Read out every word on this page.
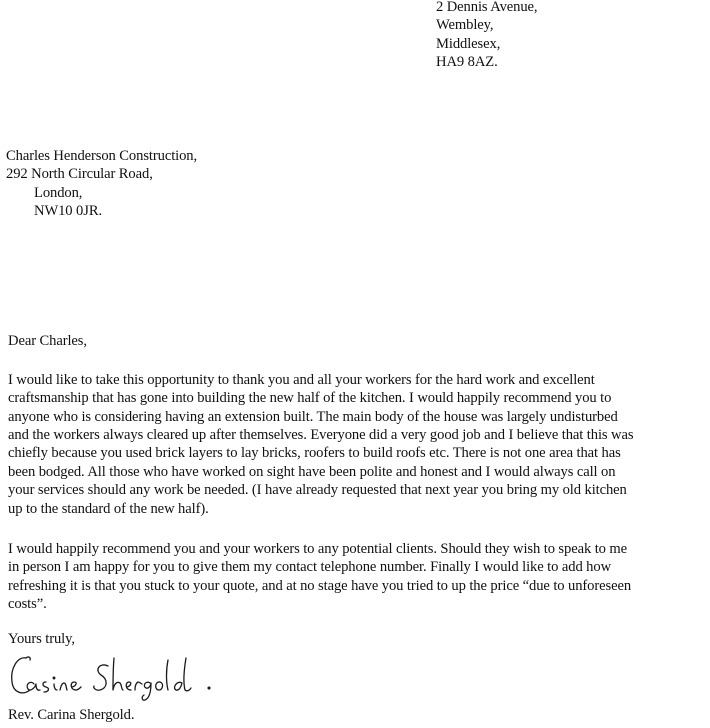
2 Dennis Avenue,
Wembley,
Middlesex,
HA9 8AZ.
Charles Henderson Construction,
292 North Circular Road,
London,
NW10 0JR.
Dear Charles,
I would like to take this opportunity to thank you and all your workers for the hard work and excellent
craftsmanship that has gone into building the new half of the kitchen. I would happily recommend you to
anyone who is considering having an extension built. The main body of the house was largely undisturbed
and the workers always cleared up after themselves. Everyone did a very good job and I believe that this was
chiefly because you used brick layers to lay bricks, roofers to build roofs etc. There is not one area that has
been bodged. All those who have worked on sight have been polite and honest and I would always call on
your services should any work be needed. (I have already requested that next year you bring my old kitchen
up to the standard of the new half).
I would happily recommend you and your workers to any potential clients. Should they wish to speak to me
in person I am happy for you to give them my contact telephone number. Finally I would like to add how
refreshing it is that you stuck to your quote, and at no stage have you tried to up the price “due to unforeseen
costs”.
Yours truly,
Rev. Carina Shergold.
